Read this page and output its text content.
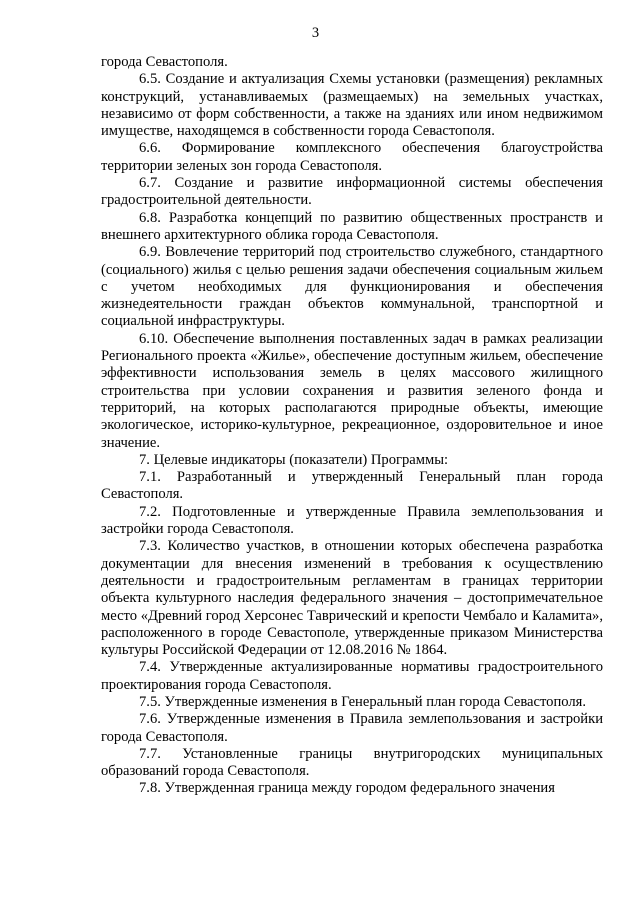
3

города Севастополя.

6.5. Создание и актуализация Схемы установки (размещения) рекламных конструкций, устанавливаемых (размещаемых) на земельных участках, независимо от форм собственности, а также на зданиях или ином недвижимом имуществе, находящемся в собственности города Севастополя.

6.6. Формирование комплексного обеспечения благоустройства территории зеленых зон города Севастополя.

6.7. Создание и развитие информационной системы обеспечения градостроительной деятельности.

6.8. Разработка концепций по развитию общественных пространств и внешнего архитектурного облика города Севастополя.

6.9. Вовлечение территорий под строительство служебного, стандартного (социального) жилья с целью решения задачи обеспечения социальным жильем с учетом необходимых для функционирования и обеспечения жизнедеятельности граждан объектов коммунальной, транспортной и социальной инфраструктуры.

6.10. Обеспечение выполнения поставленных задач в рамках реализации Регионального проекта «Жилье», обеспечение доступным жильем, обеспечение эффективности использования земель в целях массового жилищного строительства при условии сохранения и развития зеленого фонда и территорий, на которых располагаются природные объекты, имеющие экологическое, историко-культурное, рекреационное, оздоровительное и иное значение.

7. Целевые индикаторы (показатели) Программы:

7.1. Разработанный и утвержденный Генеральный план города Севастополя.

7.2. Подготовленные и утвержденные Правила землепользования и застройки города Севастополя.

7.3. Количество участков, в отношении которых обеспечена разработка документации для внесения изменений в требования к осуществлению деятельности и градостроительным регламентам в границах территории объекта культурного наследия федерального значения – достопримечательное место «Древний город Херсонес Таврический и крепости Чембало и Каламита», расположенного в городе Севастополе, утвержденные приказом Министерства культуры Российской Федерации от 12.08.2016 № 1864.

7.4. Утвержденные актуализированные нормативы градостроительного проектирования города Севастополя.

7.5. Утвержденные изменения в Генеральный план города Севастополя.

7.6. Утвержденные изменения в Правила землепользования и застройки города Севастополя.

7.7. Установленные границы внутригородских муниципальных образований города Севастополя.

7.8. Утвержденная граница между городом федерального значения
